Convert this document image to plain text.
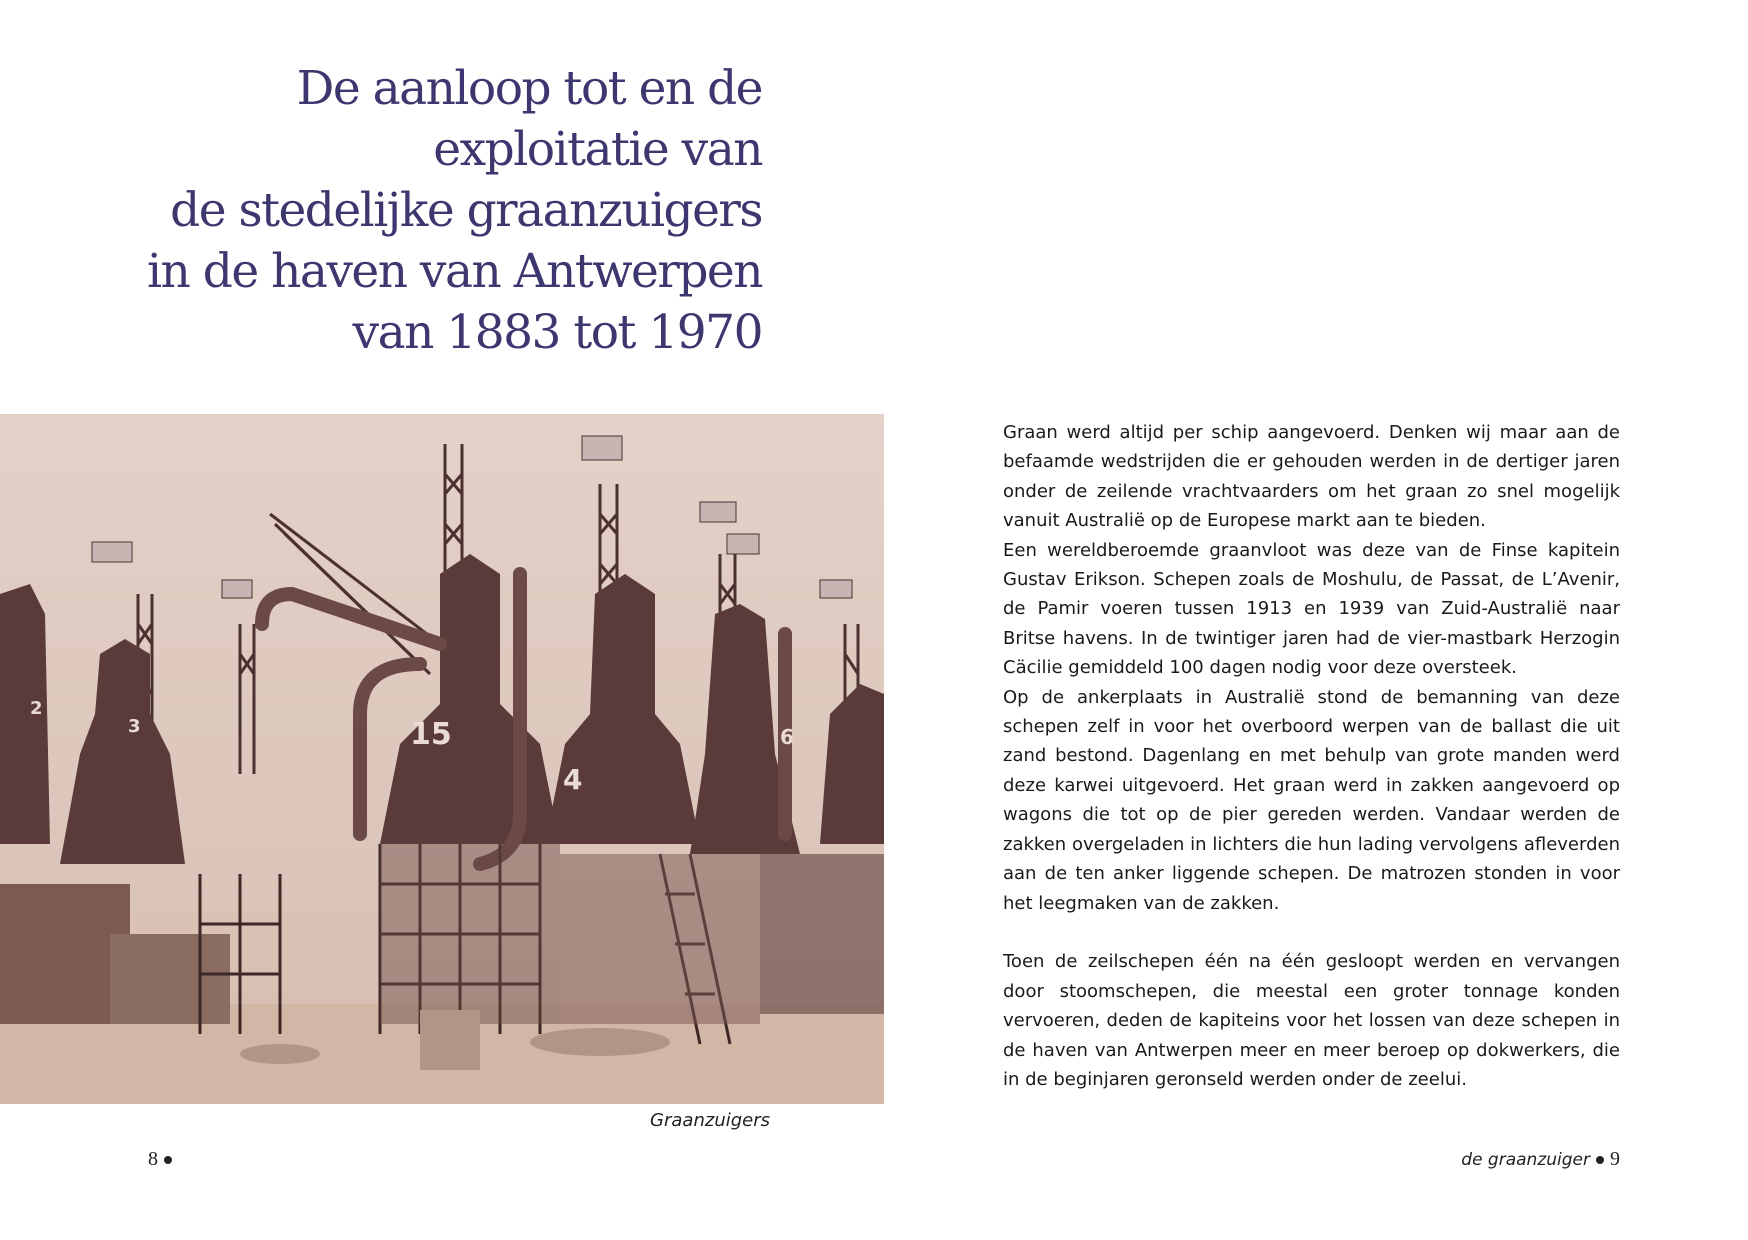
De aanloop tot en de
exploitatie van
de stedelijke graanzuigers
in de haven van Antwerpen
van 1883 tot 1970
15
4
2
3	6
Graanzuigers
8	de graanzuiger 9

Graan werd altijd per schip aangevoerd. Denken wij maar aan de befaamde wedstrijden die er gehouden werden in de dertiger jaren onder de zeilende vrachtvaarders om het graan zo snel mogelijk vanuit Australië op de Europese markt aan te bieden.

Een wereldberoemde graanvloot was deze van de Finse kapitein Gustav Erikson. Schepen zoals de Moshulu, de Passat, de L’Avenir, de Pamir voeren tussen 1913 en 1939 van Zuid-Australië naar Britse havens. In de twintiger jaren had de vier-mastbark Herzogin Cäcilie gemiddeld 100 dagen nodig voor deze oversteek.

Op de ankerplaats in Australië stond de bemanning van deze schepen zelf in voor het overboord werpen van de ballast die uit zand bestond. Dagenlang en met behulp van grote manden werd deze karwei uitgevoerd. Het graan werd in zakken aangevoerd op wagons die tot op de pier gereden werden. Vandaar werden de zakken overgeladen in lichters die hun lading vervolgens afleverden aan de ten anker liggende schepen. De matrozen stonden in voor het leegmaken van de zakken.

Toen de zeilschepen één na één gesloopt werden en vervangen door stoomschepen, die meestal een groter tonnage konden vervoeren, deden de kapiteins voor het lossen van deze schepen in de haven van Antwerpen meer en meer beroep op dokwerkers, die in de beginjaren geronseld werden onder de zeelui.
